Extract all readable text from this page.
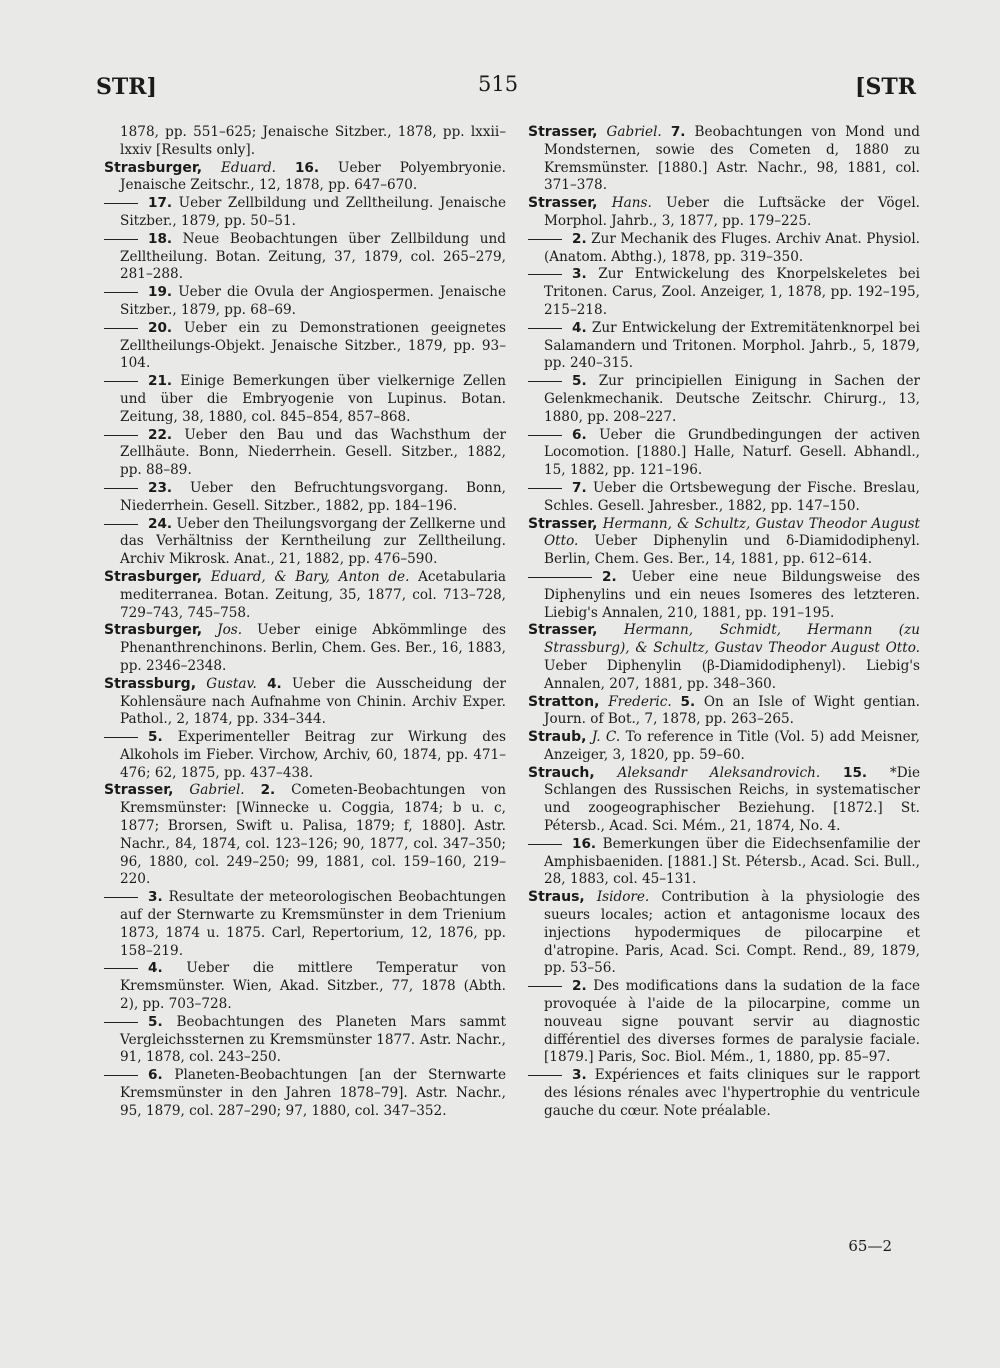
STR]	515	[STR

1878, pp. 551–625; Jenaische Sitzber., 1878, pp. lxxii–lxxiv [Results only].

Strasburger, Eduard. 16. Ueber Polyembryonie. Jenaische Zeitschr., 12, 1878, pp. 647–670.

17. Ueber Zellbildung und Zelltheilung. Jenaische Sitzber., 1879, pp. 50–51.

18. Neue Beobachtungen über Zellbildung und Zelltheilung. Botan. Zeitung, 37, 1879, col. 265–279, 281–288.

19. Ueber die Ovula der Angiospermen. Jenaische Sitzber., 1879, pp. 68–69.

20. Ueber ein zu Demonstrationen geeignetes Zelltheilungs-Objekt. Jenaische Sitzber., 1879, pp. 93–104.

21. Einige Bemerkungen über vielkernige Zellen und über die Embryogenie von Lupinus. Botan. Zeitung, 38, 1880, col. 845–854, 857–868.

22. Ueber den Bau und das Wachsthum der Zellhäute. Bonn, Niederrhein. Gesell. Sitzber., 1882, pp. 88–89.

23. Ueber den Befruchtungsvorgang. Bonn, Niederrhein. Gesell. Sitzber., 1882, pp. 184–196.

24. Ueber den Theilungsvorgang der Zellkerne und das Verhältniss der Kerntheilung zur Zelltheilung. Archiv Mikrosk. Anat., 21, 1882, pp. 476–590.

Strasburger, Eduard, & Bary, Anton de. Acetabularia mediterranea. Botan. Zeitung, 35, 1877, col. 713–728, 729–743, 745–758.

Strasburger, Jos. Ueber einige Abkömmlinge des Phenanthrenchinons. Berlin, Chem. Ges. Ber., 16, 1883, pp. 2346–2348.

Strassburg, Gustav. 4. Ueber die Ausscheidung der Kohlensäure nach Aufnahme von Chinin. Archiv Exper. Pathol., 2, 1874, pp. 334–344.

5. Experimenteller Beitrag zur Wirkung des Alkohols im Fieber. Virchow, Archiv, 60, 1874, pp. 471–476; 62, 1875, pp. 437–438.

Strasser, Gabriel. 2. Cometen-Beobachtungen von Kremsmünster: [Winnecke u. Coggia, 1874; b u. c, 1877; Brorsen, Swift u. Palisa, 1879; f, 1880]. Astr. Nachr., 84, 1874, col. 123–126; 90, 1877, col. 347–350; 96, 1880, col. 249–250; 99, 1881, col. 159–160, 219–220.

3. Resultate der meteorologischen Beobachtungen auf der Sternwarte zu Kremsmünster in dem Trienium 1873, 1874 u. 1875. Carl, Repertorium, 12, 1876, pp. 158–219.

4. Ueber die mittlere Temperatur von Kremsmünster. Wien, Akad. Sitzber., 77, 1878 (Abth. 2), pp. 703–728.

5. Beobachtungen des Planeten Mars sammt Vergleichssternen zu Kremsmünster 1877. Astr. Nachr., 91, 1878, col. 243–250.

6. Planeten-Beobachtungen [an der Sternwarte Kremsmünster in den Jahren 1878–79]. Astr. Nachr., 95, 1879, col. 287–290; 97, 1880, col. 347–352.

Strasser, Gabriel. 7. Beobachtungen von Mond und Mondsternen, sowie des Cometen d, 1880 zu Kremsmünster. [1880.] Astr. Nachr., 98, 1881, col. 371–378.

Strasser, Hans. Ueber die Luftsäcke der Vögel. Morphol. Jahrb., 3, 1877, pp. 179–225.

2. Zur Mechanik des Fluges. Archiv Anat. Physiol. (Anatom. Abthg.), 1878, pp. 319–350.

3. Zur Entwickelung des Knorpelskeletes bei Tritonen. Carus, Zool. Anzeiger, 1, 1878, pp. 192–195, 215–218.

4. Zur Entwickelung der Extremitätenknorpel bei Salamandern und Tritonen. Morphol. Jahrb., 5, 1879, pp. 240–315.

5. Zur principiellen Einigung in Sachen der Gelenkmechanik. Deutsche Zeitschr. Chirurg., 13, 1880, pp. 208–227.

6. Ueber die Grundbedingungen der activen Locomotion. [1880.] Halle, Naturf. Gesell. Abhandl., 15, 1882, pp. 121–196.

7. Ueber die Ortsbewegung der Fische. Breslau, Schles. Gesell. Jahresber., 1882, pp. 147–150.

Strasser, Hermann, & Schultz, Gustav Theodor August Otto. Ueber Diphenylin und δ-Diamidodiphenyl. Berlin, Chem. Ges. Ber., 14, 1881, pp. 612–614.

2. Ueber eine neue Bildungsweise des Diphenylins und ein neues Isomeres des letzteren. Liebig's Annalen, 210, 1881, pp. 191–195.

Strasser, Hermann, Schmidt, Hermann (zu Strassburg), & Schultz, Gustav Theodor August Otto. Ueber Diphenylin (β-Diamidodiphenyl). Liebig's Annalen, 207, 1881, pp. 348–360.

Stratton, Frederic. 5. On an Isle of Wight gentian. Journ. of Bot., 7, 1878, pp. 263–265.

Straub, J. C. To reference in Title (Vol. 5) add Meisner, Anzeiger, 3, 1820, pp. 59–60.

Strauch, Aleksandr Aleksandrovich. 15. *Die Schlangen des Russischen Reichs, in systematischer und zoogeographischer Beziehung. [1872.] St. Pétersb., Acad. Sci. Mém., 21, 1874, No. 4.

16. Bemerkungen über die Eidechsenfamilie der Amphisbaeniden. [1881.] St. Pétersb., Acad. Sci. Bull., 28, 1883, col. 45–131.

Straus, Isidore. Contribution à la physiologie des sueurs locales; action et antagonisme locaux des injections hypodermiques de pilocarpine et d'atropine. Paris, Acad. Sci. Compt. Rend., 89, 1879, pp. 53–56.

2. Des modifications dans la sudation de la face provoquée à l'aide de la pilocarpine, comme un nouveau signe pouvant servir au diagnostic différentiel des diverses formes de paralysie faciale. [1879.] Paris, Soc. Biol. Mém., 1, 1880, pp. 85–97.

3. Expériences et faits cliniques sur le rapport des lésions rénales avec l'hypertrophie du ventricule gauche du cœur. Note préalable.

65—2
